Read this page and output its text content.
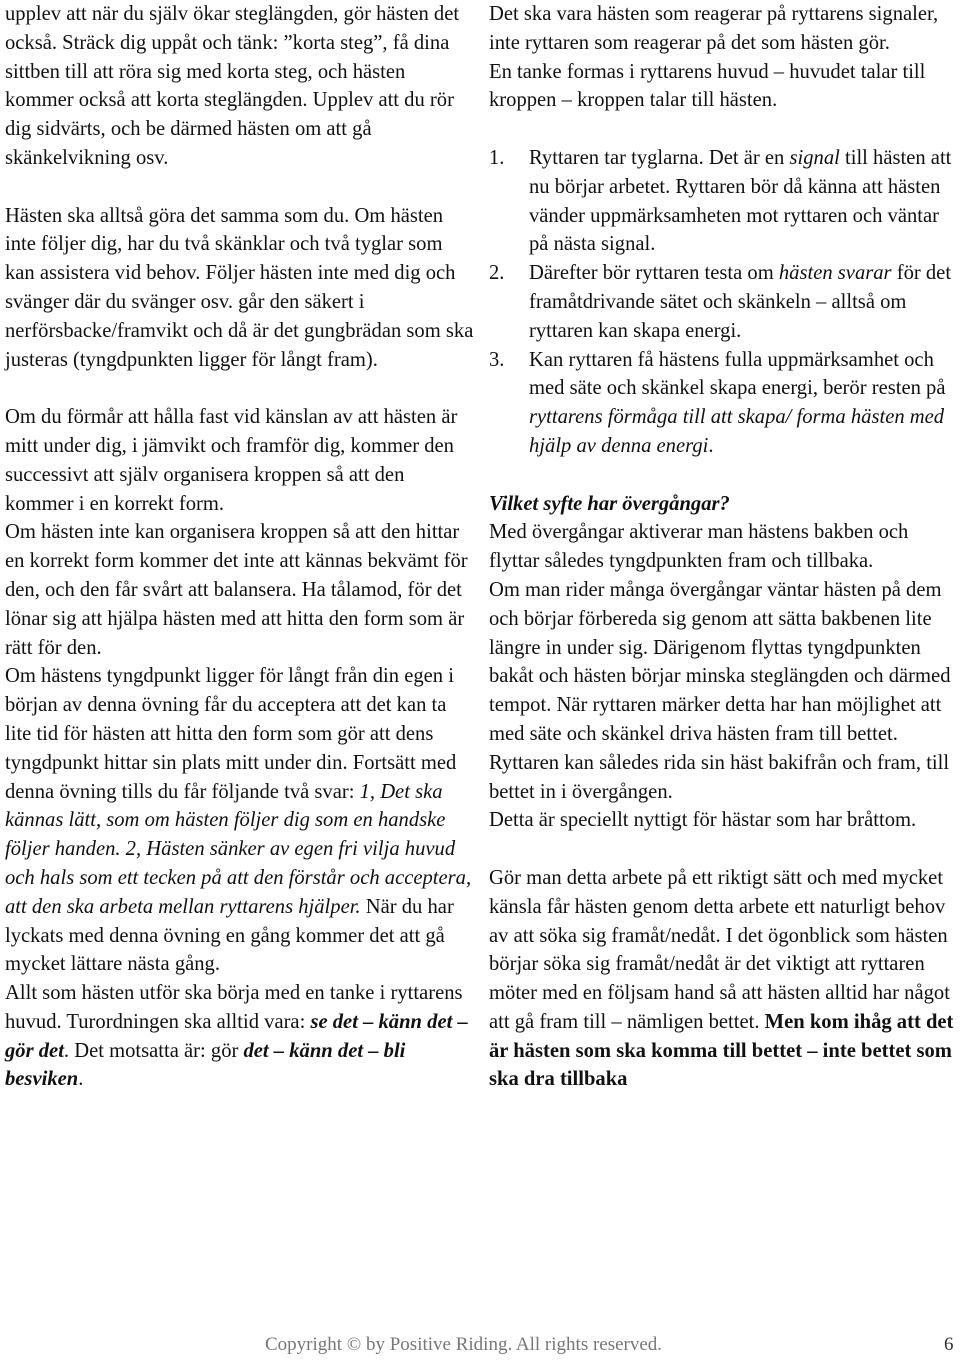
upplev att när du själv ökar steglängden, gör hästen det också. Sträck dig uppåt och tänk: ”korta steg”, få dina sittben till att röra sig med korta steg, och hästen kommer också att korta steglängden. Upplev att du rör dig sidvärts, och be därmed hästen om att gå skänkelvikning osv.

Hästen ska alltså göra det samma som du. Om hästen inte följer dig, har du två skänklar och två tyglar som kan assistera vid behov. Följer hästen inte med dig och svänger där du svänger osv. går den säkert i nerförsbacke/framvikt och då är det gungbrädan som ska justeras (tyngdpunkten ligger för långt fram).

Om du förmår att hålla fast vid känslan av att hästen är mitt under dig, i jämvikt och framför dig, kommer den successivt att själv organisera kroppen så att den kommer i en korrekt form.

Om hästen inte kan organisera kroppen så att den hittar en korrekt form kommer det inte att kännas bekvämt för den, och den får svårt att balansera. Ha tålamod, för det lönar sig att hjälpa hästen med att hitta den form som är rätt för den.

Om hästens tyngdpunkt ligger för långt från din egen i början av denna övning får du acceptera att det kan ta lite tid för hästen att hitta den form som gör att dens tyngdpunkt hittar sin plats mitt under din. Fortsätt med denna övning tills du får följande två svar: 1, Det ska kännas lätt, som om hästen följer dig som en handske följer handen. 2, Hästen sänker av egen fri vilja huvud och hals som ett tecken på att den förstår och acceptera, att den ska arbeta mellan ryttarens hjälper. När du har lyckats med denna övning en gång kommer det att gå mycket lättare nästa gång.

Allt som hästen utför ska börja med en tanke i ryttarens huvud. Turordningen ska alltid vara: se det – känn det – gör det. Det motsatta är: gör det – känn det – bli besviken.

Det ska vara hästen som reagerar på ryttarens signaler, inte ryttaren som reagerar på det som hästen gör.

En tanke formas i ryttarens huvud – huvudet talar till kroppen – kroppen talar till hästen.

1.	Ryttaren tar tyglarna. Det är en signal till hästen att nu börjar arbetet. Ryttaren bör då känna att hästen vänder uppmärksamheten mot ryttaren och väntar på nästa signal.

2.	Därefter bör ryttaren testa om hästen svarar för det framåtdrivande sätet och skänkeln – alltså om ryttaren kan skapa energi.

3.	Kan ryttaren få hästens fulla uppmärksamhet och med säte och skänkel skapa energi, berör resten på ryttarens förmåga till att skapa/ forma hästen med hjälp av denna energi.

Vilket syfte har övergångar?

Med övergångar aktiverar man hästens bakben och flyttar således tyngdpunkten fram och tillbaka.

Om man rider många övergångar väntar hästen på dem och börjar förbereda sig genom att sätta bakbenen lite längre in under sig. Därigenom flyttas tyngdpunkten bakåt och hästen börjar minska steglängden och därmed tempot. När ryttaren märker detta har han möjlighet att med säte och skänkel driva hästen fram till bettet. Ryttaren kan således rida sin häst bakifrån och fram, till bettet in i övergången.

Detta är speciellt nyttigt för hästar som har bråttom.

Gör man detta arbete på ett riktigt sätt och med mycket känsla får hästen genom detta arbete ett naturligt behov av att söka sig framåt/nedåt. I det ögonblick som hästen börjar söka sig framåt/nedåt är det viktigt att ryttaren möter med en följsam hand så att hästen alltid har något att gå fram till – nämligen bettet. Men kom ihåg att det är hästen som ska komma till bettet – inte bettet som ska dra tillbaka

Copyright © by Positive Riding. All rights reserved.	6
